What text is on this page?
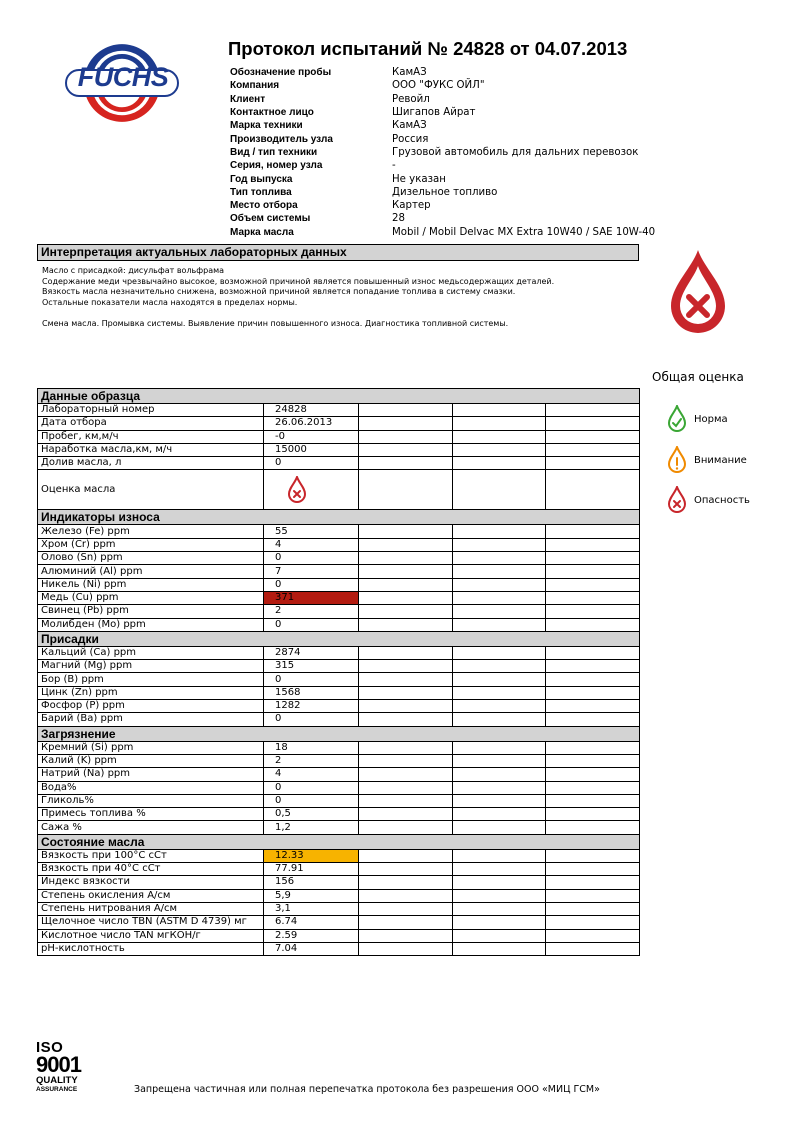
FUCHS
Протокол испытаний № 24828 от 04.07.2013
Обозначение пробы	КамАЗ
Компания	ООО "ФУКС ОЙЛ"
Клиент	Ревойл
Контактное лицо	Шигапов Айрат
Марка техники	КамАЗ
Производитель узла	Россия
Вид / тип техники	Грузовой автомобиль для дальних перевозок
Серия, номер узла	-
Год выпуска	Не указан
Тип топлива	Дизельное топливо
Место отбора	Картер
Объем системы	28
Марка масла	Mobil / Mobil Delvac MX Extra 10W40 / SAE 10W-40
Интерпретация актуальных лабораторных данных
Масло с присадкой: дисульфат вольфрама
Содержание меди чрезвычайно высокое, возможной причиной является повышенный износ медьсодержащих деталей.
Вязкость масла незначительно снижена, возможной причиной является попадание топлива в систему смазки.
Остальные показатели масла находятся в пределах нормы.
Смена масла. Промывка системы. Выявление причин повышенного износа. Диагностика топливной системы.
Общая оценка
Норма
Внимание
Опасность
Данные образца				
Лабораторный номер	24828			
Дата отбора	26.06.2013			
Пробег, км,м/ч	-0			
Наработка масла,км, м/ч	15000			
Долив масла, л	0			
Оценка масла	

Индикаторы износа				
Железо (Fe) ppm	55			
Хром (Cr) ppm	4			
Олово (Sn) ppm	0			
Алюминий (Al) ppm	7			
Никель (Ni) ppm	0			
Медь (Cu) ppm	371			
Свинец (Pb) ppm	2			
Молибден (Mo) ppm	0			
Присадки				
Кальций (Ca) ppm	2874			
Магний (Mg) ppm	315			
Бор (B) ppm	0			
Цинк (Zn) ppm	1568			
Фосфор (P) ppm	1282			
Барий (Ba) ppm	0			
Загрязнение				
Кремний (Si) ppm	18			
Калий (K) ppm	2			
Натрий (Na) ppm	4			
Вода%	0			
Гликоль%	0			
Примесь топлива %	0,5			
Сажа %	1,2			
Состояние масла				
Вязкость при 100°C сСт	12.33			
Вязкость при 40°C сСт	77.91			
Индекс вязкости	156			
Степень окисления А/см	5,9			
Степень нитрования А/см	3,1			
Щелочное число TBN (ASTM D 4739) мг	6.74			
Кислотное число TAN мгКОН/г	2.59			
pH-кислотность	7.04			
ISO
9001
QUALITY
ASSURANCE	Запрещена частичная или полная перепечатка протокола без разрешения ООО «МИЦ ГСМ»
